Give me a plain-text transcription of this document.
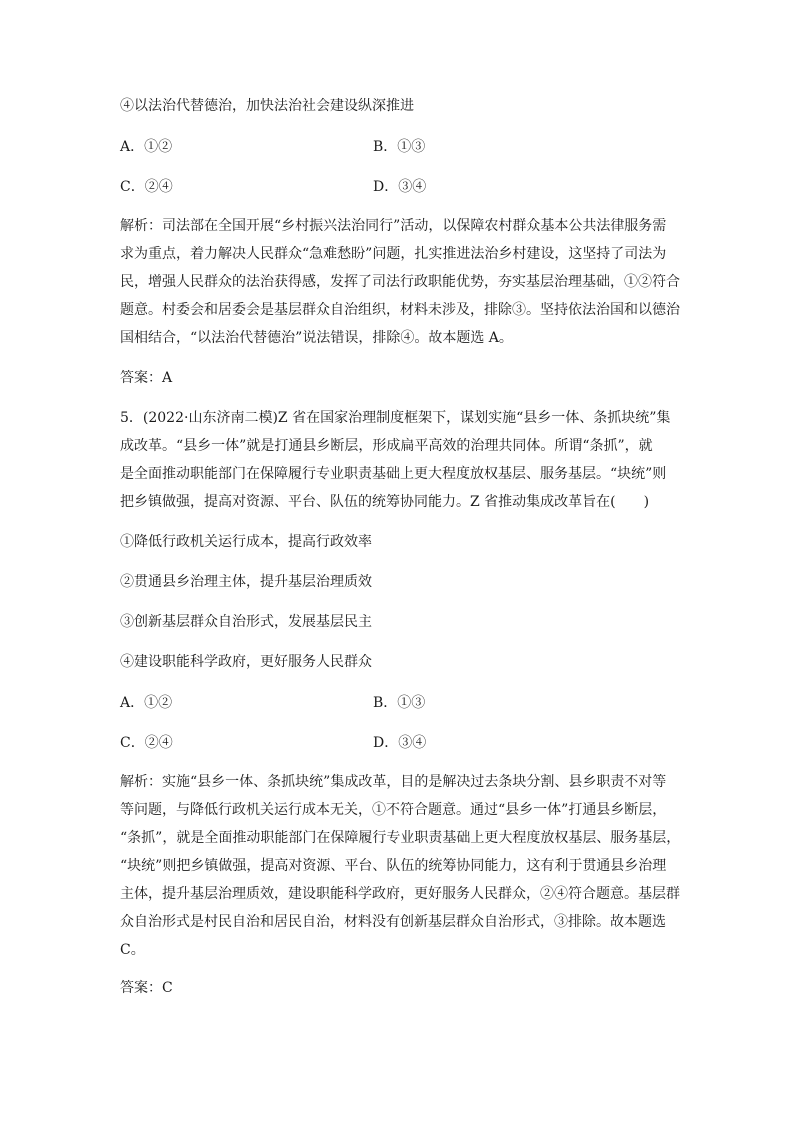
④以法治代替德治，加快法治社会建设纵深推进
A．①②	B．①③
C．②④	D．③④
解析：司法部在全国开展“乡村振兴法治同行”活动，以保障农村群众基本公共法律服务需
求为重点，着力解决人民群众“急难愁盼”问题，扎实推进法治乡村建设，这坚持了司法为
民，增强人民群众的法治获得感，发挥了司法行政职能优势，夯实基层治理基础，①②符合
题意。村委会和居委会是基层群众自治组织，材料未涉及，排除③。坚持依法治国和以德治
国相结合，“以法治代替德治”说法错误，排除④。故本题选 A。
答案：A
5．(2022·山东济南二模)Z 省在国家治理制度框架下，谋划实施“县乡一体、条抓块统”集
成改革。“县乡一体”就是打通县乡断层，形成扁平高效的治理共同体。所谓“条抓”，就
是全面推动职能部门在保障履行专业职责基础上更大程度放权基层、服务基层。“块统”则
把乡镇做强，提高对资源、平台、队伍的统筹协同能力。Z 省推动集成改革旨在(　　)
①降低行政机关运行成本，提高行政效率
②贯通县乡治理主体，提升基层治理质效
③创新基层群众自治形式，发展基层民主
④建设职能科学政府，更好服务人民群众
A．①②	B．①③
C．②④	D．③④
解析：实施“县乡一体、条抓块统”集成改革，目的是解决过去条块分割、县乡职责不对等
等问题，与降低行政机关运行成本无关，①不符合题意。通过“县乡一体”打通县乡断层，
“条抓”，就是全面推动职能部门在保障履行专业职责基础上更大程度放权基层、服务基层，
“块统”则把乡镇做强，提高对资源、平台、队伍的统筹协同能力，这有利于贯通县乡治理
主体，提升基层治理质效，建设职能科学政府，更好服务人民群众，②④符合题意。基层群
众自治形式是村民自治和居民自治，材料没有创新基层群众自治形式，③排除。故本题选
C。
答案：C
